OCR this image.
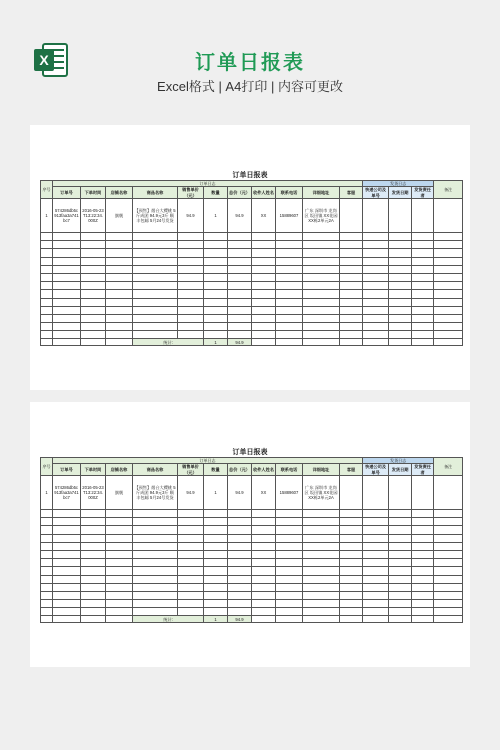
X	订单日报表
Excel格式 | A4打印 | 内容可更改
订单日报表
序号	订单日志											发货日志			备注
	订单号	下单时间	店铺名称	商品名称	销售单价（元）	数量	总价（元）	收件人姓名	联系电话	详细地址	客服	快递公司及单号	发货日期	发货责任者	
1	574286db5c913faa3a741bc7	2016-05-23T13:22:34.000Z	旗舰	【预售】烟台大樱桃 5斤成团 94.9元3斤 顺丰包邮 5月24号发货	94.9	1	94.9	XX	15889607	广东 深圳市 龙岗区 坂田镇 XX花园XX栋2单元2A					

				统计:		1	94.9								
订单日报表
序号	订单日志											发货日志			备注
	订单号	下单时间	店铺名称	商品名称	销售单价（元）	数量	总价（元）	收件人姓名	联系电话	详细地址	客服	快递公司及单号	发货日期	发货责任者	
1	574286db5c913faa3a741bc7	2016-05-23T13:22:34.000Z	旗舰	【预售】烟台大樱桃 5斤成团 94.9元3斤 顺丰包邮 5月24号发货	94.9	1	94.9	XX	15889607	广东 深圳市 龙岗区 坂田镇 XX花园XX栋2单元2A					

				统计:		1	94.9								
